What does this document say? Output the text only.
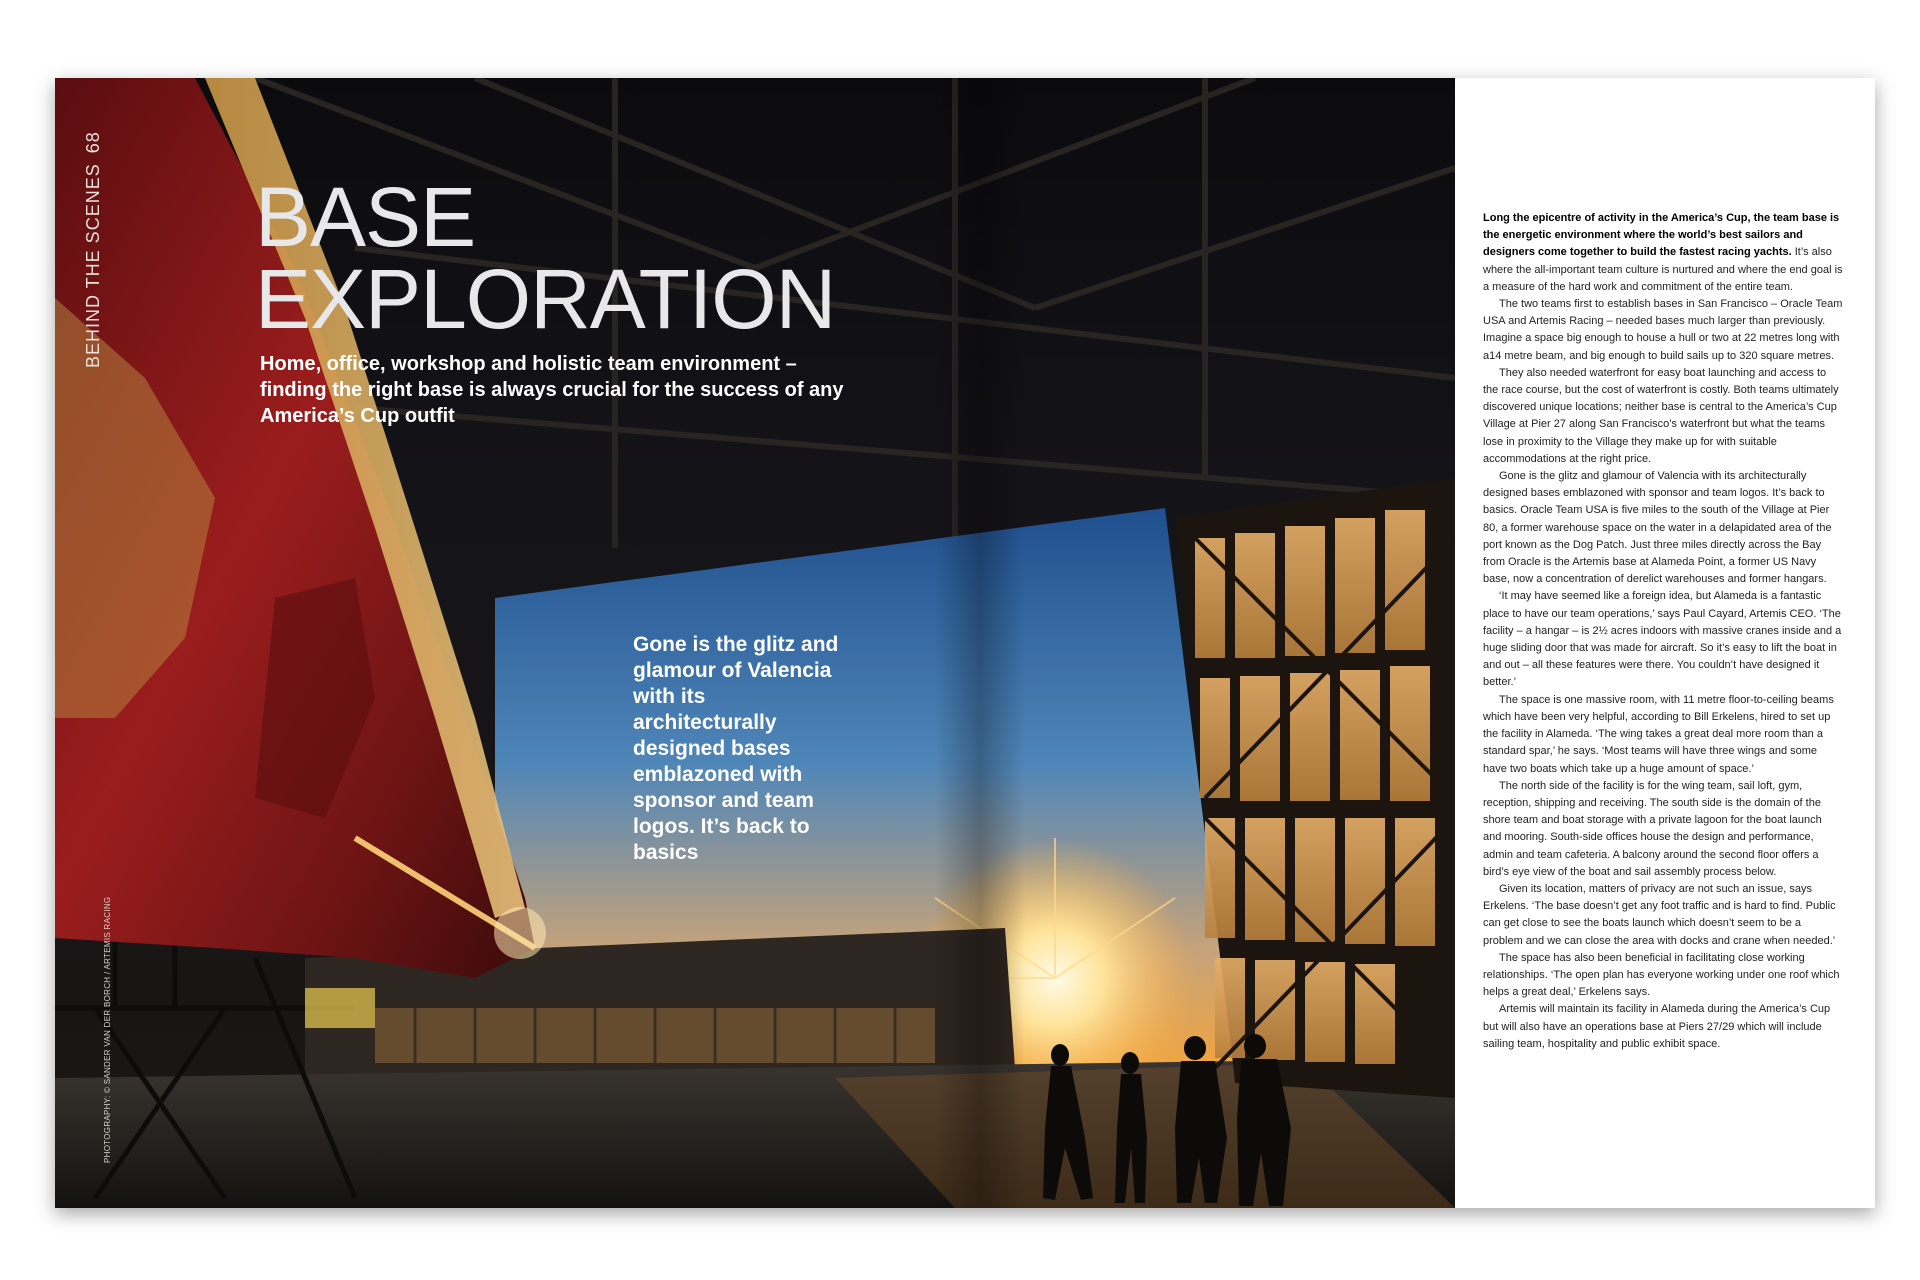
BEHIND THE SCENES68
BASE
EXPLORATION

Home, office, workshop and holistic team environment – finding the right base is always crucial for the success of any America’s Cup outfit

Gone is the glitz and glamour of Valencia with its architecturally designed bases emblazoned with sponsor and team logos. It’s back to basics

PHOTOGRAPHY: © SANDER VAN DER BORCH / ARTEMIS RACING

Long the epicentre of activity in the America’s Cup, the team base is the energetic environment where the world’s best sailors and designers come together to build the fastest racing yachts. It’s also where the all-important team culture is nurtured and where the end goal is a measure of the hard work and commitment of the entire team.

The two teams first to establish bases in San Francisco – Oracle Team USA and Artemis Racing – needed bases much larger than previously. Imagine a space big enough to house a hull or two at 22 metres long with a14 metre beam, and big enough to build sails up to 320 square metres.

They also needed waterfront for easy boat launching and access to the race course, but the cost of waterfront is costly. Both teams ultimately discovered unique locations; neither base is central to the America’s Cup Village at Pier 27 along San Francisco’s waterfront but what the teams lose in proximity to the Village they make up for with suitable accommodations at the right price.

Gone is the glitz and glamour of Valencia with its architecturally designed bases emblazoned with sponsor and team logos. It’s back to basics. Oracle Team USA is five miles to the south of the Village at Pier 80, a former warehouse space on the water in a delapidated area of the port known as the Dog Patch. Just three miles directly across the Bay from Oracle is the Artemis base at Alameda Point, a former US Navy base, now a concentration of derelict warehouses and former hangars.

‘It may have seemed like a foreign idea, but Alameda is a fantastic place to have our team operations,’ says Paul Cayard, Artemis CEO. ‘The facility – a hangar – is 2½ acres indoors with massive cranes inside and a huge sliding door that was made for aircraft. So it’s easy to lift the boat in and out – all these features were there. You couldn’t have designed it better.’

The space is one massive room, with 11 metre floor-to-ceiling beams which have been very helpful, according to Bill Erkelens, hired to set up the facility in Alameda. ‘The wing takes a great deal more room than a standard spar,’ he says. ‘Most teams will have three wings and some have two boats which take up a huge amount of space.’

The north side of the facility is for the wing team, sail loft, gym, reception, shipping and receiving. The south side is the domain of the shore team and boat storage with a private lagoon for the boat launch and mooring. South-side offices house the design and performance, admin and team cafeteria. A balcony around the second floor offers a bird’s eye view of the boat and sail assembly process below.

Given its location, matters of privacy are not such an issue, says Erkelens. ‘The base doesn’t get any foot traffic and is hard to find. Public can get close to see the boats launch which doesn’t seem to be a problem and we can close the area with docks and crane when needed.’

The space has also been beneficial in facilitating close working relationships. ‘The open plan has everyone working under one roof which helps a great deal,’ Erkelens says.

Artemis will maintain its facility in Alameda during the America’s Cup but will also have an operations base at Piers 27/29 which will include sailing team, hospitality and public exhibit space.
